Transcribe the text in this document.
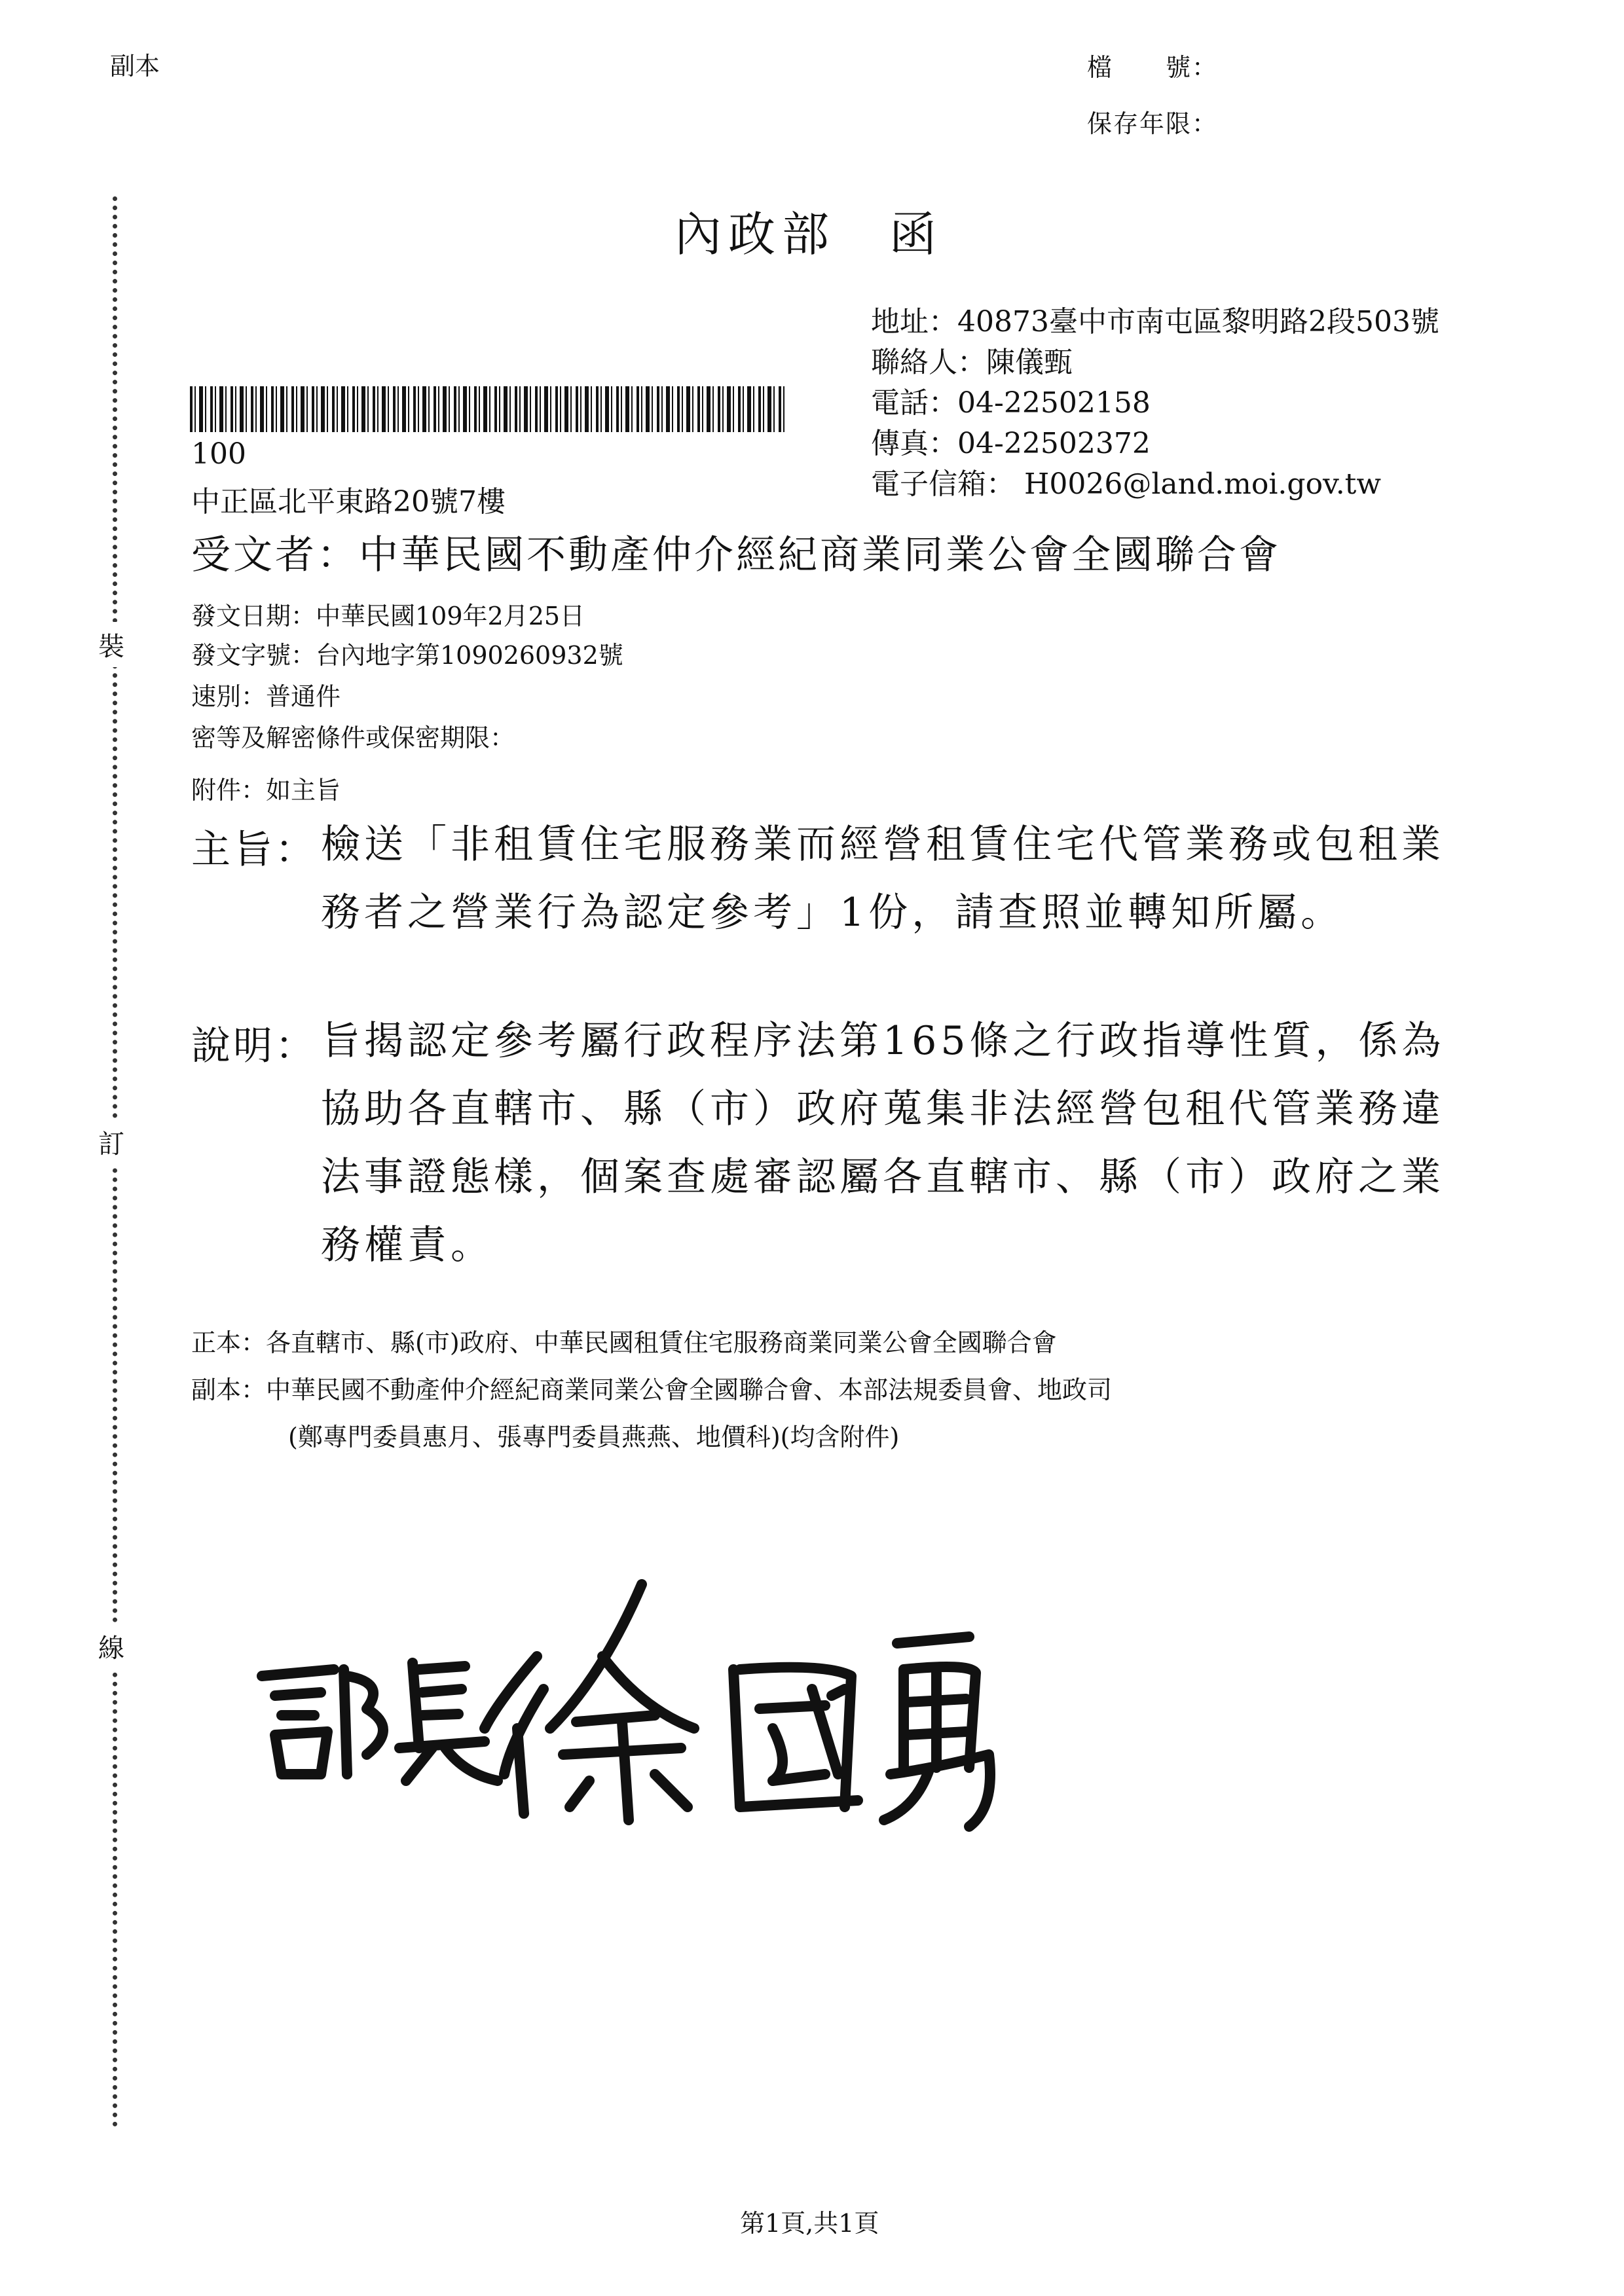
副本	檔　　號：
保存年限：
裝
訂
線
內政部　函
地址：40873臺中市南屯區黎明路2段503號
聯絡人：陳儀甄
電話：04-22502158
傳真：04-22502372
電子信箱： H0026@land.moi.gov.tw
100
中正區北平東路20號7樓
受文者：中華民國不動產仲介經紀商業同業公會全國聯合會
發文日期：中華民國109年2月25日
發文字號：台內地字第1090260932號
速別：普通件
密等及解密條件或保密期限：
附件：如主旨
主旨： 檢送「非租賃住宅服務業而經營租賃住宅代管業務或包租業務者之營業行為認定參考」1份，請查照並轉知所屬。
說明： 旨揭認定參考屬行政程序法第165條之行政指導性質，係為協助各直轄市、縣（市）政府蒐集非法經營包租代管業務違法事證態樣，個案查處審認屬各直轄市、縣（市）政府之業務權責。
正本：各直轄市、縣(市)政府、中華民國租賃住宅服務商業同業公會全國聯合會
副本：中華民國不動產仲介經紀商業同業公會全國聯合會、本部法規委員會、地政司
(鄭專門委員惠月、張專門委員燕燕、地價科)(均含附件)
第1頁,共1頁
